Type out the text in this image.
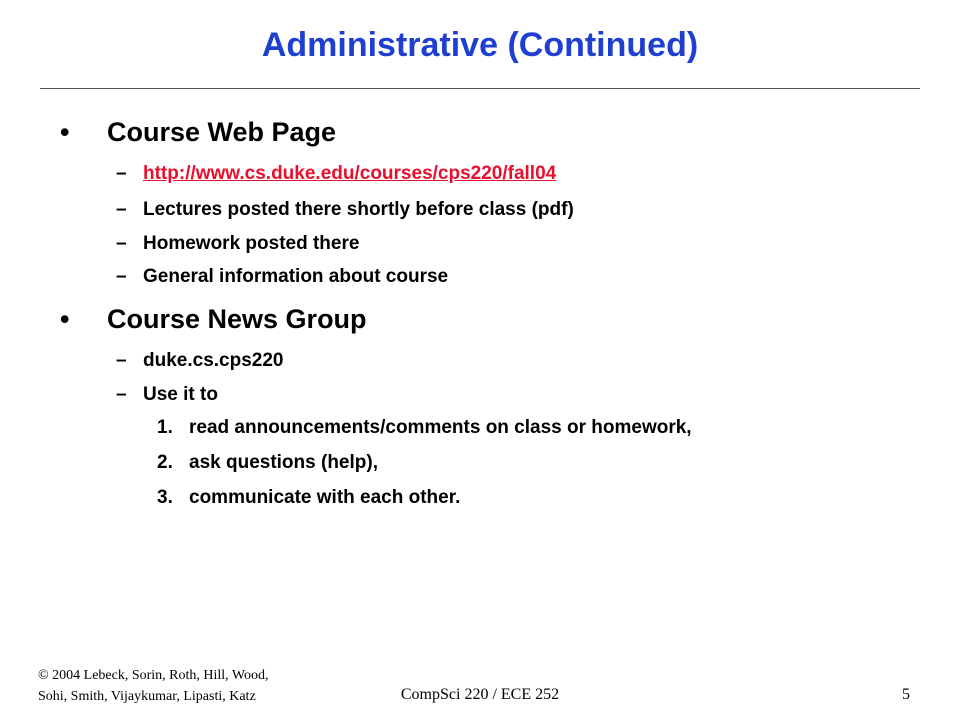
Administrative (Continued)
• Course Web Page
– http://www.cs.duke.edu/courses/cps220/fall04
– Lectures posted there shortly before class (pdf)
– Homework posted there
– General information about course
• Course News Group
– duke.cs.cps220
– Use it to
1. read announcements/comments on class or homework,
2. ask questions (help),
3. communicate with each other.
© 2004 Lebeck, Sorin, Roth, Hill, Wood,
Sohi, Smith, Vijaykumar, Lipasti, Katz	CompSci 220 / ECE 252	5
